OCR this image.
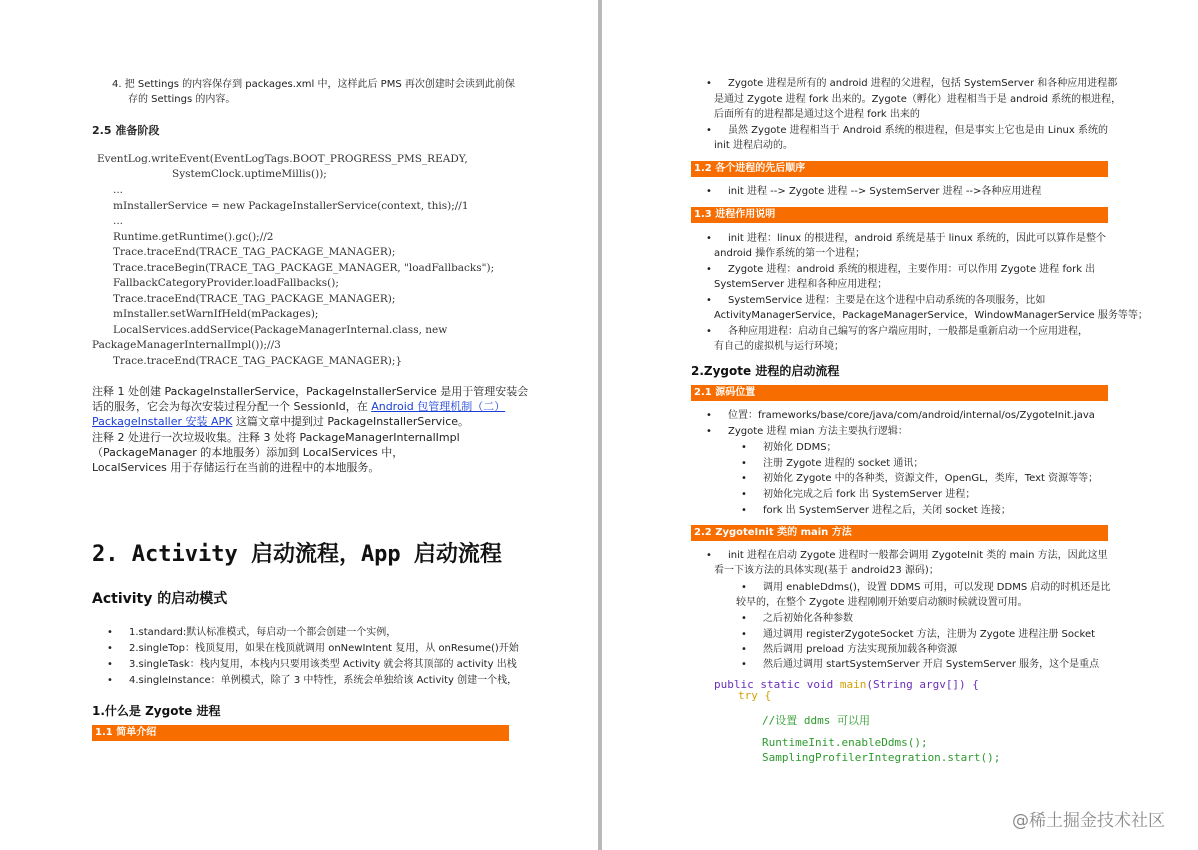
4. 把 Settings 的内容保存到 packages.xml 中，这样此后 PMS 再次创建时会读到此前保
存的 Settings 的内容。
2.5 准备阶段
EventLog.writeEvent(EventLogTags.BOOT_PROGRESS_PMS_READY,
SystemClock.uptimeMillis());
...
mInstallerService = new PackageInstallerService(context, this);//1
...
Runtime.getRuntime().gc();//2
Trace.traceEnd(TRACE_TAG_PACKAGE_MANAGER);
Trace.traceBegin(TRACE_TAG_PACKAGE_MANAGER, "loadFallbacks");
FallbackCategoryProvider.loadFallbacks();
Trace.traceEnd(TRACE_TAG_PACKAGE_MANAGER);
mInstaller.setWarnIfHeld(mPackages);
LocalServices.addService(PackageManagerInternal.class, new
PackageManagerInternalImpl());//3
Trace.traceEnd(TRACE_TAG_PACKAGE_MANAGER);}
注释 1 处创建 PackageInstallerService，PackageInstallerService 是用于管理安装会
话的服务，它会为每次安装过程分配一个 SessionId，在 Android 包管理机制（二）
PackageInstaller 安装 APK 这篇文章中提到过 PackageInstallerService。
注释 2 处进行一次垃圾收集。注释 3 处将 PackageManagerInternalImpl
（PackageManager 的本地服务）添加到 LocalServices 中，
LocalServices 用于存储运行在当前的进程中的本地服务。
2. Activity 启动流程，App 启动流程
Activity 的启动模式
• 1.standard:默认标准模式，每启动一个都会创建一个实例，
• 2.singleTop：栈顶复用，如果在栈顶就调用 onNewIntent 复用，从 onResume()开始
• 3.singleTask：栈内复用，本栈内只要用该类型 Activity 就会将其顶部的 activity 出栈
• 4.singleInstance：单例模式，除了 3 中特性，系统会单独给该 Activity 创建一个栈，
1.什么是 Zygote 进程
1.1 简单介绍
• Zygote 进程是所有的 android 进程的父进程，包括 SystemServer 和各种应用进程都
是通过 Zygote 进程 fork 出来的。Zygote（孵化）进程相当于是 android 系统的根进程，
后面所有的进程都是通过这个进程 fork 出来的
• 虽然 Zygote 进程相当于 Android 系统的根进程，但是事实上它也是由 Linux 系统的
init 进程启动的。
1.2 各个进程的先后顺序
• init 进程 --> Zygote 进程 --> SystemServer 进程 -->各种应用进程
1.3 进程作用说明
• init 进程：linux 的根进程，android 系统是基于 linux 系统的，因此可以算作是整个
android 操作系统的第一个进程；
• Zygote 进程：android 系统的根进程，主要作用：可以作用 Zygote 进程 fork 出
SystemServer 进程和各种应用进程；
• SystemService 进程：主要是在这个进程中启动系统的各项服务，比如
ActivityManagerService，PackageManagerService，WindowManagerService 服务等等；
• 各种应用进程：启动自己编写的客户端应用时，一般都是重新启动一个应用进程，
有自己的虚拟机与运行环境；
2.Zygote 进程的启动流程
2.1 源码位置
• 位置：frameworks/base/core/java/com/android/internal/os/ZygoteInit.java
• Zygote 进程 mian 方法主要执行逻辑：
• 初始化 DDMS；
• 注册 Zygote 进程的 socket 通讯；
• 初始化 Zygote 中的各种类，资源文件，OpenGL，类库，Text 资源等等；
• 初始化完成之后 fork 出 SystemServer 进程；
• fork 出 SystemServer 进程之后，关闭 socket 连接；
2.2 ZygoteInit 类的 main 方法
• init 进程在启动 Zygote 进程时一般都会调用 ZygoteInit 类的 main 方法，因此这里
看一下该方法的具体实现(基于 android23 源码)；
• 调用 enableDdms()，设置 DDMS 可用，可以发现 DDMS 启动的时机还是比
较早的，在整个 Zygote 进程刚刚开始要启动额时候就设置可用。
• 之后初始化各种参数
• 通过调用 registerZygoteSocket 方法，注册为 Zygote 进程注册 Socket
• 然后调用 preload 方法实现预加载各种资源
• 然后通过调用 startSystemServer 开启 SystemServer 服务，这个是重点
public static void main(String argv[]) {
try {
//设置 ddms 可以用
RuntimeInit.enableDdms();
SamplingProfilerIntegration.start();
@稀土掘金技术社区
